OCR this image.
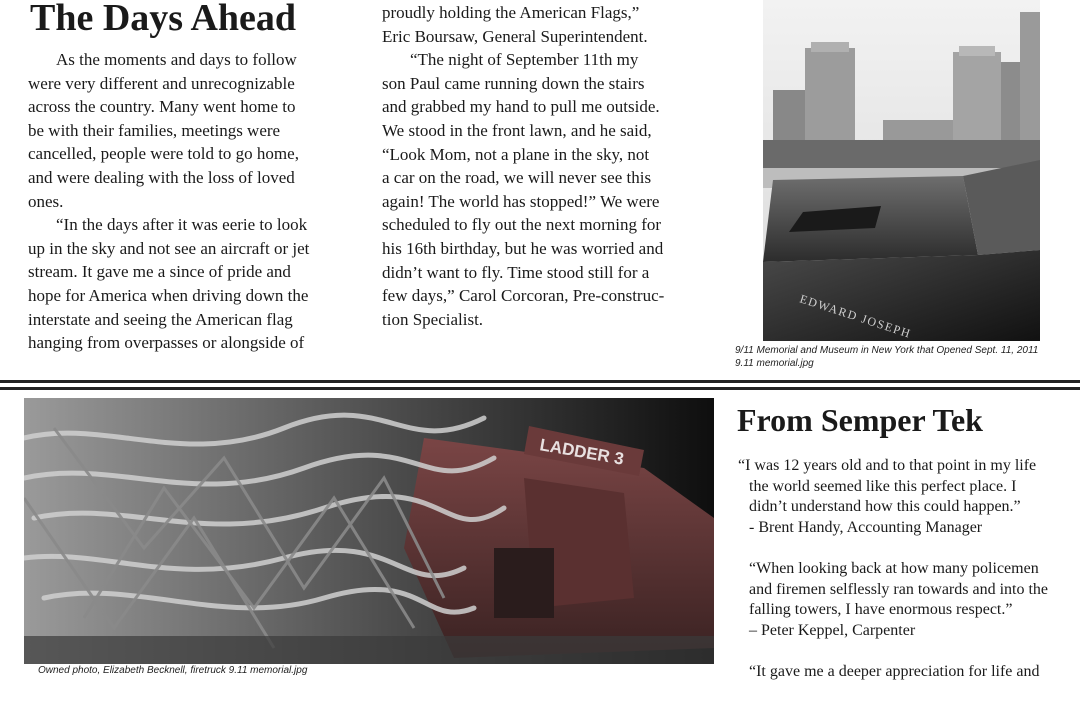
The Days Ahead

As the moments and days to follow

were very different and unrecognizable

across the country. Many went home to

be with their families, meetings were

cancelled, people were told to go home,

and were dealing with the loss of loved

ones.

“In the days after it was eerie to look

up in the sky and not see an aircraft or jet

stream. It gave me a since of pride and

hope for America when driving down the

interstate and seeing the American flag

hanging from overpasses or alongside of

proudly holding the American Flags,”

Eric Boursaw, General Superintendent.

“The night of September 11th my

son Paul came running down the stairs

and grabbed my hand to pull me outside.

We stood in the front lawn, and he said,

“Look Mom, not a plane in the sky, not

a car on the road, we will never see this

again! The world has stopped!” We were

scheduled to fly out the next morning for

his 16th birthday, but he was worried and

didn’t want to fly. Time stood still for a

few days,” Carol Corcoran, Pre-construc-

tion Specialist.	EDWARD JOSEPH
9/11 Memorial and Museum in New York that Opened Sept. 11, 2011
9.11 memorial.jpg
LADDER 3
Owned photo, Elizabeth Becknell, firetruck 9.11 memorial.jpg
From Semper Tek

“I was 12 years old and to that point in my life
the world seemed like this perfect place. I
didn’t understand how this could happen.”
- Brent Handy, Accounting Manager

“When looking back at how many policemen
and firemen selflessly ran towards and into the
falling towers, I have enormous respect.”
– Peter Keppel, Carpenter

“It gave me a deeper appreciation for life and
